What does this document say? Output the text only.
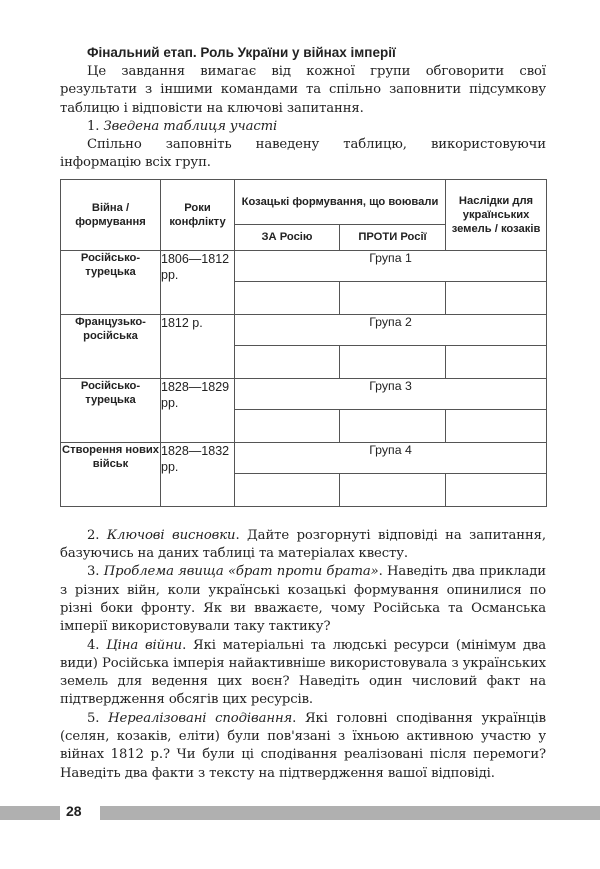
Фінальний етап. Роль України у війнах імперії

Це завдання вимагає від кожної групи обговорити свої результати з іншими командами та спільно заповнити підсумкову таблицю і відповісти на ключові запитання.

1. Зведена таблиця участі

Спільно заповніть наведену таблицю, використовуючи інформацію всіх груп.

Війна / формування	Роки конфлікту	Козацькі формування, що воювали		Наслідки для українських земель / козаків
		ЗА Росію	ПРОТИ Росії	
Російсько-турецька	1806—1812 рр.	Група 1		

Французько-російська	1812 р.	Група 2		

Російсько-турецька	1828—1829 рр.	Група 3		

Створення нових військ	1828—1832 рр.	Група 4		

2. Ключові висновки. Дайте розгорнуті відповіді на запитання, базуючись на даних таблиці та матеріалах квесту.

3. Проблема явища «брат проти брата». Наведіть два приклади з різних війн, коли українські козацькі формування опинилися по різні боки фронту. Як ви вважаєте, чому Російська та Османська імперії використовували таку тактику?

4. Ціна війни. Які матеріальні та людські ресурси (мінімум два види) Російська імперія найактивніше використовувала з українських земель для ведення цих воєн? Наведіть один числовий факт на підтвердження обсягів цих ресурсів.

5. Нереалізовані сподівання. Які головні сподівання українців (селян, козаків, еліти) були пов'язані з їхньою активною участю у війнах 1812 р.? Чи були ці сподівання реалізовані після перемоги? Наведіть два факти з тексту на підтвердження вашої відповіді.

28
